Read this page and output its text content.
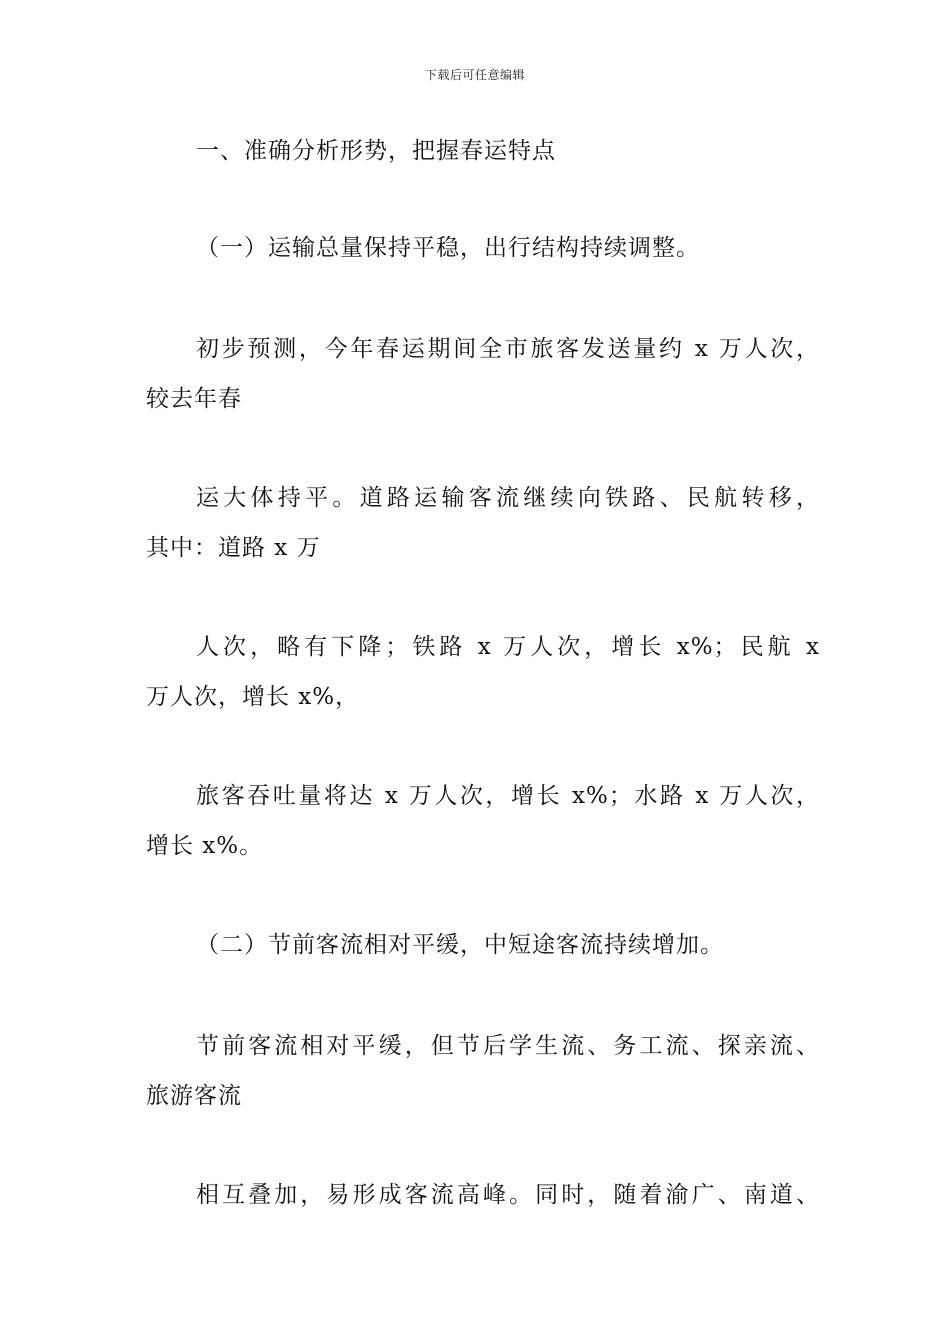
下载后可任意编辑
一、准确分析形势，把握春运特点
（一）运输总量保持平稳，出行结构持续调整。
初步预测，今年春运期间全市旅客发送量约 x 万人次，
较去年春
运大体持平。道路运输客流继续向铁路、民航转移，
其中：道路 x 万
人次，略有下降；铁路 x 万人次，增长 x%；民航 x
万人次，增长 x%，
旅客吞吐量将达 x 万人次，增长 x%；水路 x 万人次，
增长 x%。
（二）节前客流相对平缓，中短途客流持续增加。
节前客流相对平缓，但节后学生流、务工流、探亲流、
旅游客流
相互叠加，易形成客流高峰。同时，随着渝广、南道、
